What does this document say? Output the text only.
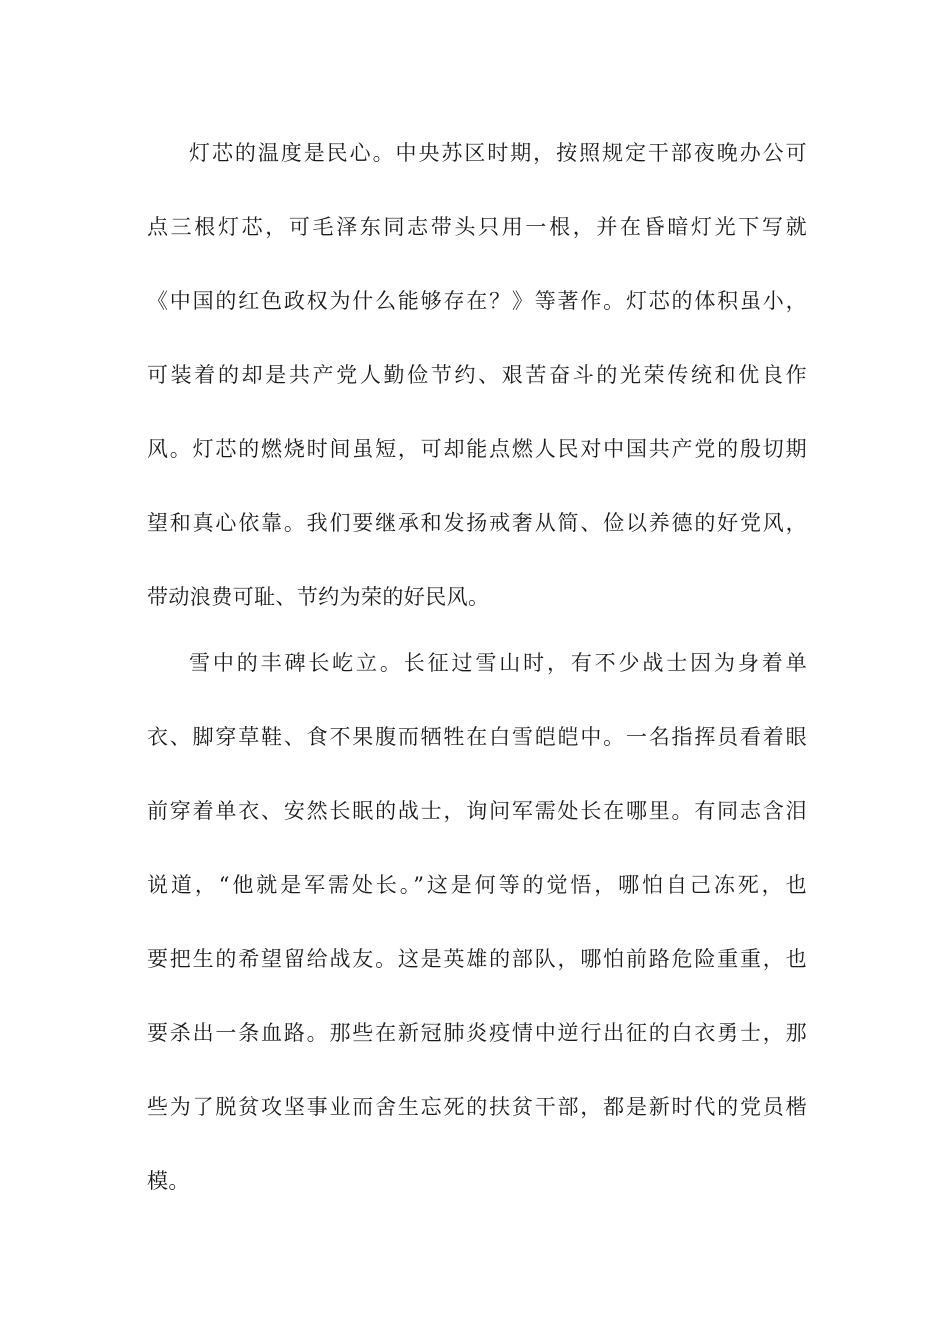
灯芯的温度是民心。中央苏区时期，按照规定干部夜晚办公可
点三根灯芯，可毛泽东同志带头只用一根，并在昏暗灯光下写就
《中国的红色政权为什么能够存在？》等著作。灯芯的体积虽小，
可装着的却是共产党人勤俭节约、艰苦奋斗的光荣传统和优良作
风。灯芯的燃烧时间虽短，可却能点燃人民对中国共产党的殷切期
望和真心依靠。我们要继承和发扬戒奢从简、俭以养德的好党风，
带动浪费可耻、节约为荣的好民风。
雪中的丰碑长屹立。长征过雪山时，有不少战士因为身着单
衣、脚穿草鞋、食不果腹而牺牲在白雪皑皑中。一名指挥员看着眼
前穿着单衣、安然长眠的战士，询问军需处长在哪里。有同志含泪
说道，“他就是军需处长。”这是何等的觉悟，哪怕自己冻死，也
要把生的希望留给战友。这是英雄的部队，哪怕前路危险重重，也
要杀出一条血路。那些在新冠肺炎疫情中逆行出征的白衣勇士，那
些为了脱贫攻坚事业而舍生忘死的扶贫干部，都是新时代的党员楷
模。
